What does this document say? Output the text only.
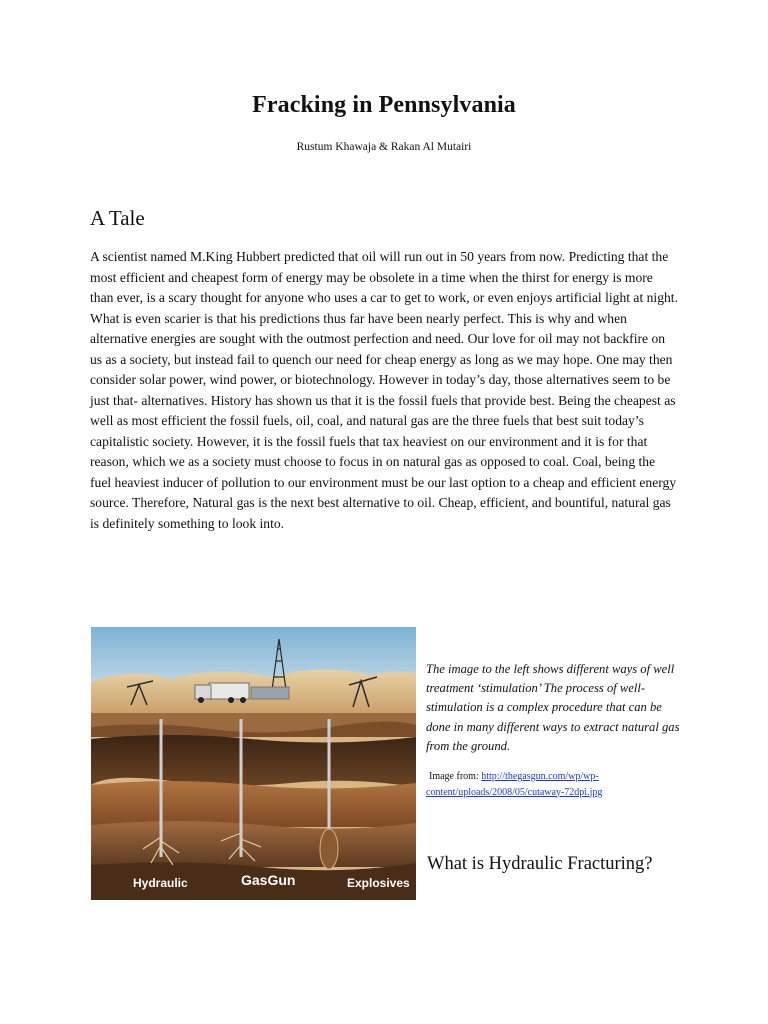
Fracking in Pennsylvania

Rustum Khawaja & Rakan Al Mutairi

A Tale

A scientist named M.King Hubbert predicted that oil will run out in 50 years from now. Predicting that the most efficient and cheapest form of energy may be obsolete in a time when the thirst for energy is more than ever, is a scary thought for anyone who uses a car to get to work, or even enjoys artificial light at night. What is even scarier is that his predictions thus far have been nearly perfect. This is why and when alternative energies are sought with the outmost perfection and need. Our love for oil may not backfire on us as a society, but instead fail to quench our need for cheap energy as long as we may hope. One may then consider solar power, wind power, or biotechnology. However in today’s day, those alternatives seem to be just that- alternatives. History has shown us that it is the fossil fuels that provide best. Being the cheapest as well as most efficient the fossil fuels, oil, coal, and natural gas are the three fuels that best suit today’s capitalistic society. However, it is the fossil fuels that tax heaviest on our environment and it is for that reason, which we as a society must choose to focus in on natural gas as opposed to coal. Coal, being the fuel heaviest inducer of pollution to our environment must be our last option to a cheap and efficient energy source. Therefore, Natural gas is the next best alternative to oil. Cheap, efficient, and bountiful, natural gas is definitely something to look into.

Hydraulic	GasGun	Explosives

The image to the left shows different ways of well treatment ‘stimulation’ The process of well-stimulation is a complex procedure that can be done in many different ways to extract natural gas from the ground.

Image from: http://thegasgun.com/wp/wp-
content/uploads/2008/05/cutaway-72dpi.jpg

What is Hydraulic Fracturing?
